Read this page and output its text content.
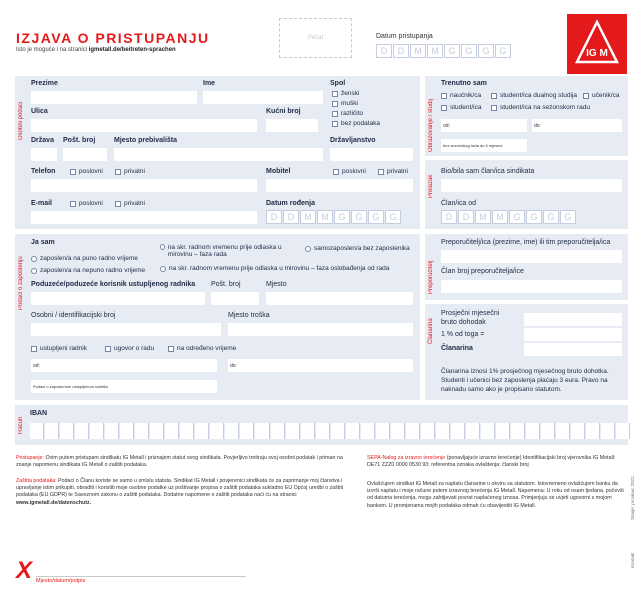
IZJAVA O PRISTUPANJU
Isto je moguće i na stranici igmetall.de/beitreten-sprachen
Pečat	Datum pristupanja
D	D	M	M	G	G	G	G	IG M
Osobni podaci
Prezime	Ime	Spol
ženski
muški
različito
bez podataka
Ulica	Kućni broj
Država Pošt. broj	Mjesto prebivališta	Državljanstvo
Telefon	poslovni	privatni	Mobitel	poslovni	privatni
E-mail	poslovni	privatni	Datum rođenja
D	D	M	M	G	G	G	G
Obrazovanje / studij
Trenutno sam
naučnik/ca	student/ica dualnog studija učenik/ca
student/ica	student/ica na sezonskom radu
od:	do:
bez sezonskog rada do 6 mjeseci
Prelazak
Bio/bila sam član/ica sindikata
Član/ica od
D	D	M	M	G	G	G	G
Podaci o zaposlenju
Ja sam
zaposlen/a na puno radno vrijeme
zaposlen/a na nepuno radno vrijeme
na skr. radnom vremenu prije odlaska u mirovinu – faza rada
na skr. radnom vremenu prije odlaska u mirovinu – faza oslobađenja od rada
samozaposlen/a bez zaposlenika
Poduzeće/poduzeće korisnik ustupljenog radnika Pošt. broj	Mjesto
Osobni / identifikacijski broj	Mjesto troška
ustupljeni radnik	ugovor o radu	na određeno vrijeme
od:	do:
Podaci o zaposlenom ustupljenom radniku
Preporučitelj
Preporučitelj/ica (prezime, ime) ili tim preporučitelja/ica
Član broj preporučitelja/ice
Članarina
Prosječni mjesečni bruto dohodak
1 % od toga =
Članarina
Članarina iznosi 1% prosječnog mjesečnog bruto dohotka. Studenti i učenici bez zaposlenja plaćaju 3 eura. Pravo na naknadu samo ako je propisano statutom.
Račun
IBAN
Pristupanje: Ovim putem pristupam sindikatu IG Metall i priznajem statut ovog sindikata. Povjerljivo tretiraju svoj osobni podatak i priman na znanje napomenu sindikata IG Metall o zaštiti podataka.
Zaštita podataka: Podaci o Članu koriste se samo u smislu statuta. Sindikat IG Metall i povjerenici sindikata će za zaprimanje moj članstva i upravljanje istim prikupiti, obraditi i koristiti moje osobne podatke uz poštivanje propisa o zaštiti podataka sukladno EU Općoj uredbi o zaštiti podataka (EU GDPR) te Saveznom zakonu o zaštiti podataka. Dodatne napomene o zaštiti podataka naći ću na stranici www.igmetall.de/datenschutz.
SEPA-Nalog za izravno terećenje (ponavljajuće izravno terećenje) Identifikacijski broj vjerovnika IG Metall: DE71 ZZZ0 0000 0530 93; referentna oznaka ovlaštenja: članski broj
Ovlašćujem sindikat IG Metall za naplatu članarine u okviru sa statutom. Istovremeno ovlašćujem banku da izvrši naplatu i moje račune putem izravnog terećenja IG Metall. Napomena: U roku od osam tjedana, počevši od datuma terećenja, mogu zahtijevati povrat naplaćenog iznosa. Primjenjuju se uvjeti ugovorni s mojom bankom. U promjenama mojih podataka odmah ću obavijestiti IG Metall.	Stanje: prosinac 2022.
Kontakt
X Mjesto/datum/potpis
